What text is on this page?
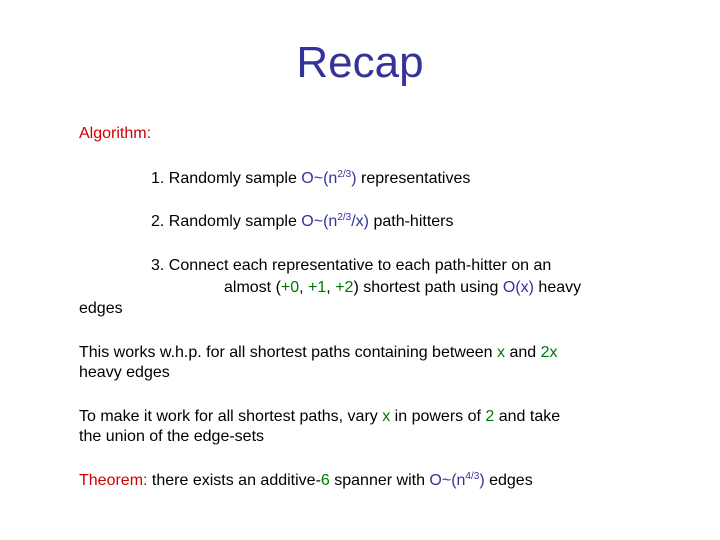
Recap
Algorithm:
1. Randomly sample $O\sim(n^{2/3})$ representatives
2. Randomly sample $O\sim(n^{2/3}/x)$ path-hitters
3. Connect each representative to each path-hitter on an
almost (+0, +1, +2) shortest path using O(x) heavy
edges
This works w.h.p. for all shortest paths containing between x and 2x
heavy edges
To make it work for all shortest paths, vary x in powers of 2 and take
the union of the edge-sets
Theorem: there exists an additive-6 spanner with $O\sim(n^{4/3})$ edges
